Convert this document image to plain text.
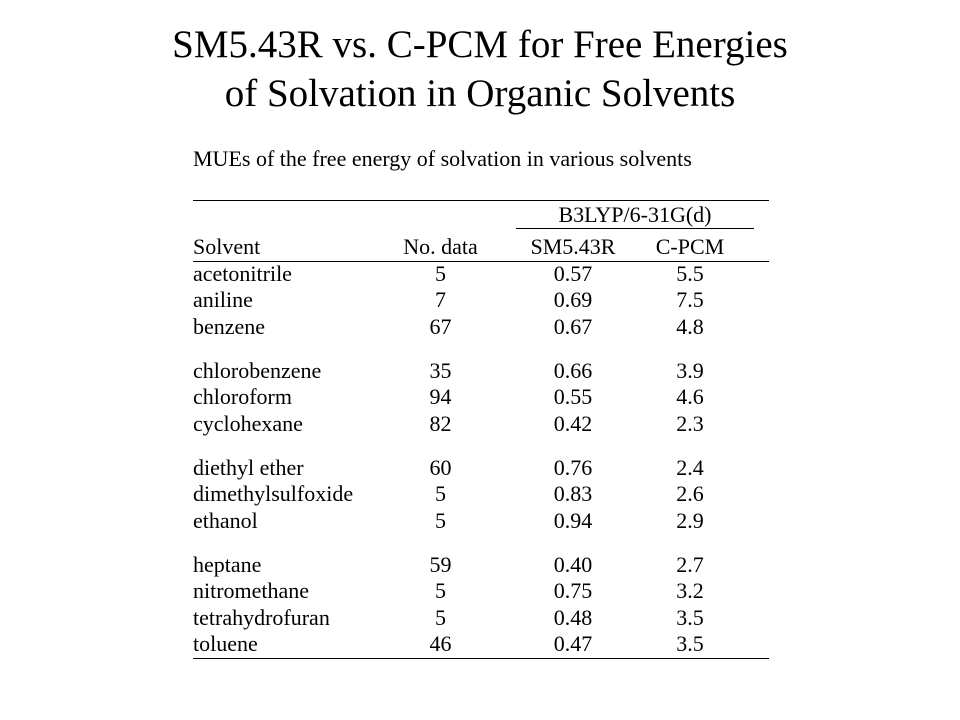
SM5.43R vs. C-PCM for Free Energies
of Solvation in Organic Solvents
MUEs of the free energy of solvation in various solvents
B3LYP/6-31G(d)
Solvent	No. data	SM5.43R	C-PCM
acetonitrile	5	0.57	5.5
aniline	7	0.69	7.5
benzene	67	0.67	4.8
chlorobenzene	35	0.66	3.9
chloroform	94	0.55	4.6
cyclohexane	82	0.42	2.3
diethyl ether	60	0.76	2.4
dimethylsulfoxide	5	0.83	2.6
ethanol	5	0.94	2.9
heptane	59	0.40	2.7
nitromethane	5	0.75	3.2
tetrahydrofuran	5	0.48	3.5
toluene	46	0.47	3.5
